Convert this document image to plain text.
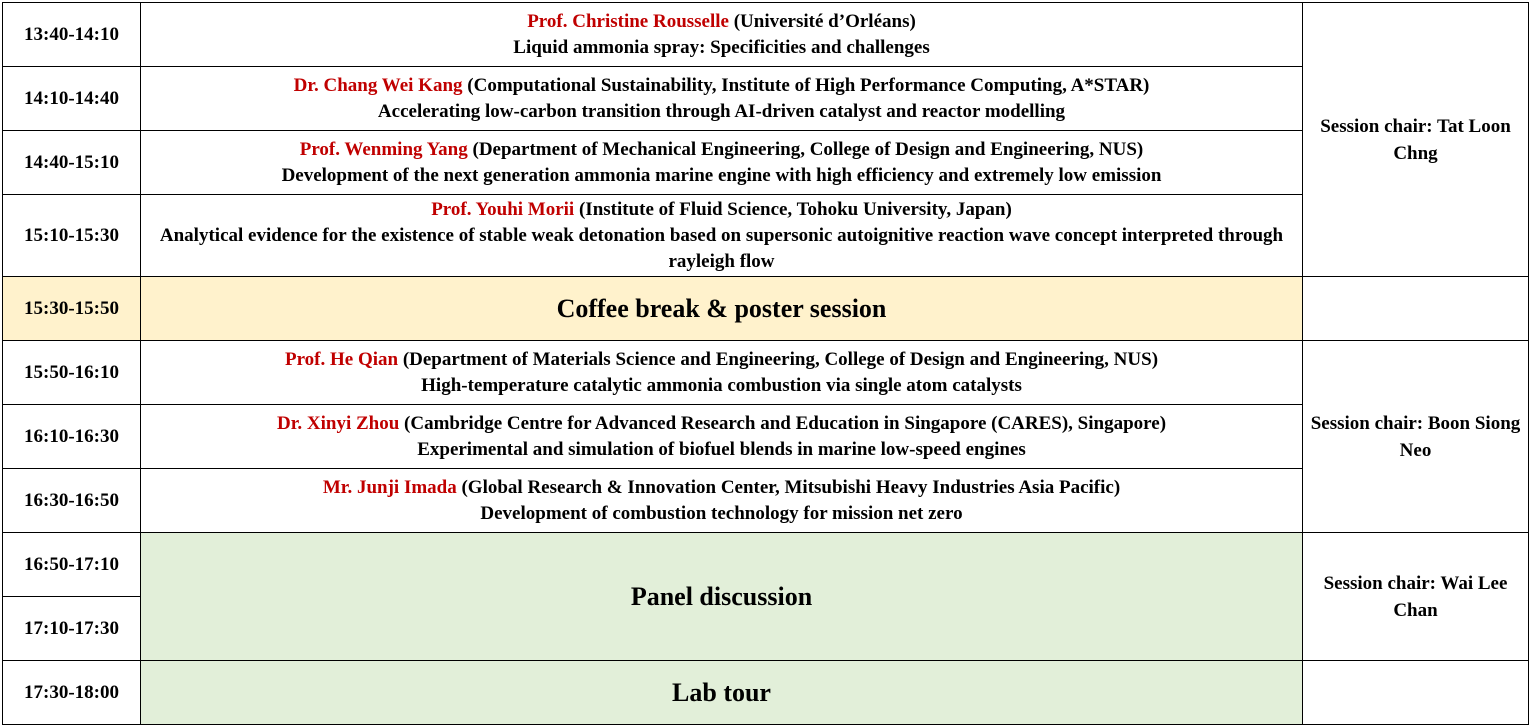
13:40-14:10	Prof. Christine Rousselle (Université d’Orléans)
Liquid ammonia spray: Specificities and challenges	Session chair: Tat Loon Chng
14:10-14:40	Dr. Chang Wei Kang (Computational Sustainability, Institute of High Performance Computing, A*STAR)
Accelerating low-carbon transition through AI-driven catalyst and reactor modelling	

14:40-15:10	Prof. Wenming Yang (Department of Mechanical Engineering, College of Design and Engineering, NUS)
Development of the next generation ammonia marine engine with high efficiency and extremely low emission	

15:10-15:30	Prof. Youhi Morii (Institute of Fluid Science, Tohoku University, Japan)
Analytical evidence for the existence of stable weak detonation based on supersonic autoignitive reaction wave concept interpreted through rayleigh flow	

15:30-15:50	Coffee break & poster session	
15:50-16:10	Prof. He Qian (Department of Materials Science and Engineering, College of Design and Engineering, NUS)
High-temperature catalytic ammonia combustion via single atom catalysts	Session chair: Boon Siong Neo
16:10-16:30	Dr. Xinyi Zhou (Cambridge Centre for Advanced Research and Education in Singapore (CARES), Singapore)
Experimental and simulation of biofuel blends in marine low-speed engines	

16:30-16:50	Mr. Junji Imada (Global Research & Innovation Center, Mitsubishi Heavy Industries Asia Pacific)
Development of combustion technology for mission net zero	

16:50-17:10	Panel discussion	Session chair: Wai Lee Chan
17:10-17:30		
17:30-18:00	Lab tour	
